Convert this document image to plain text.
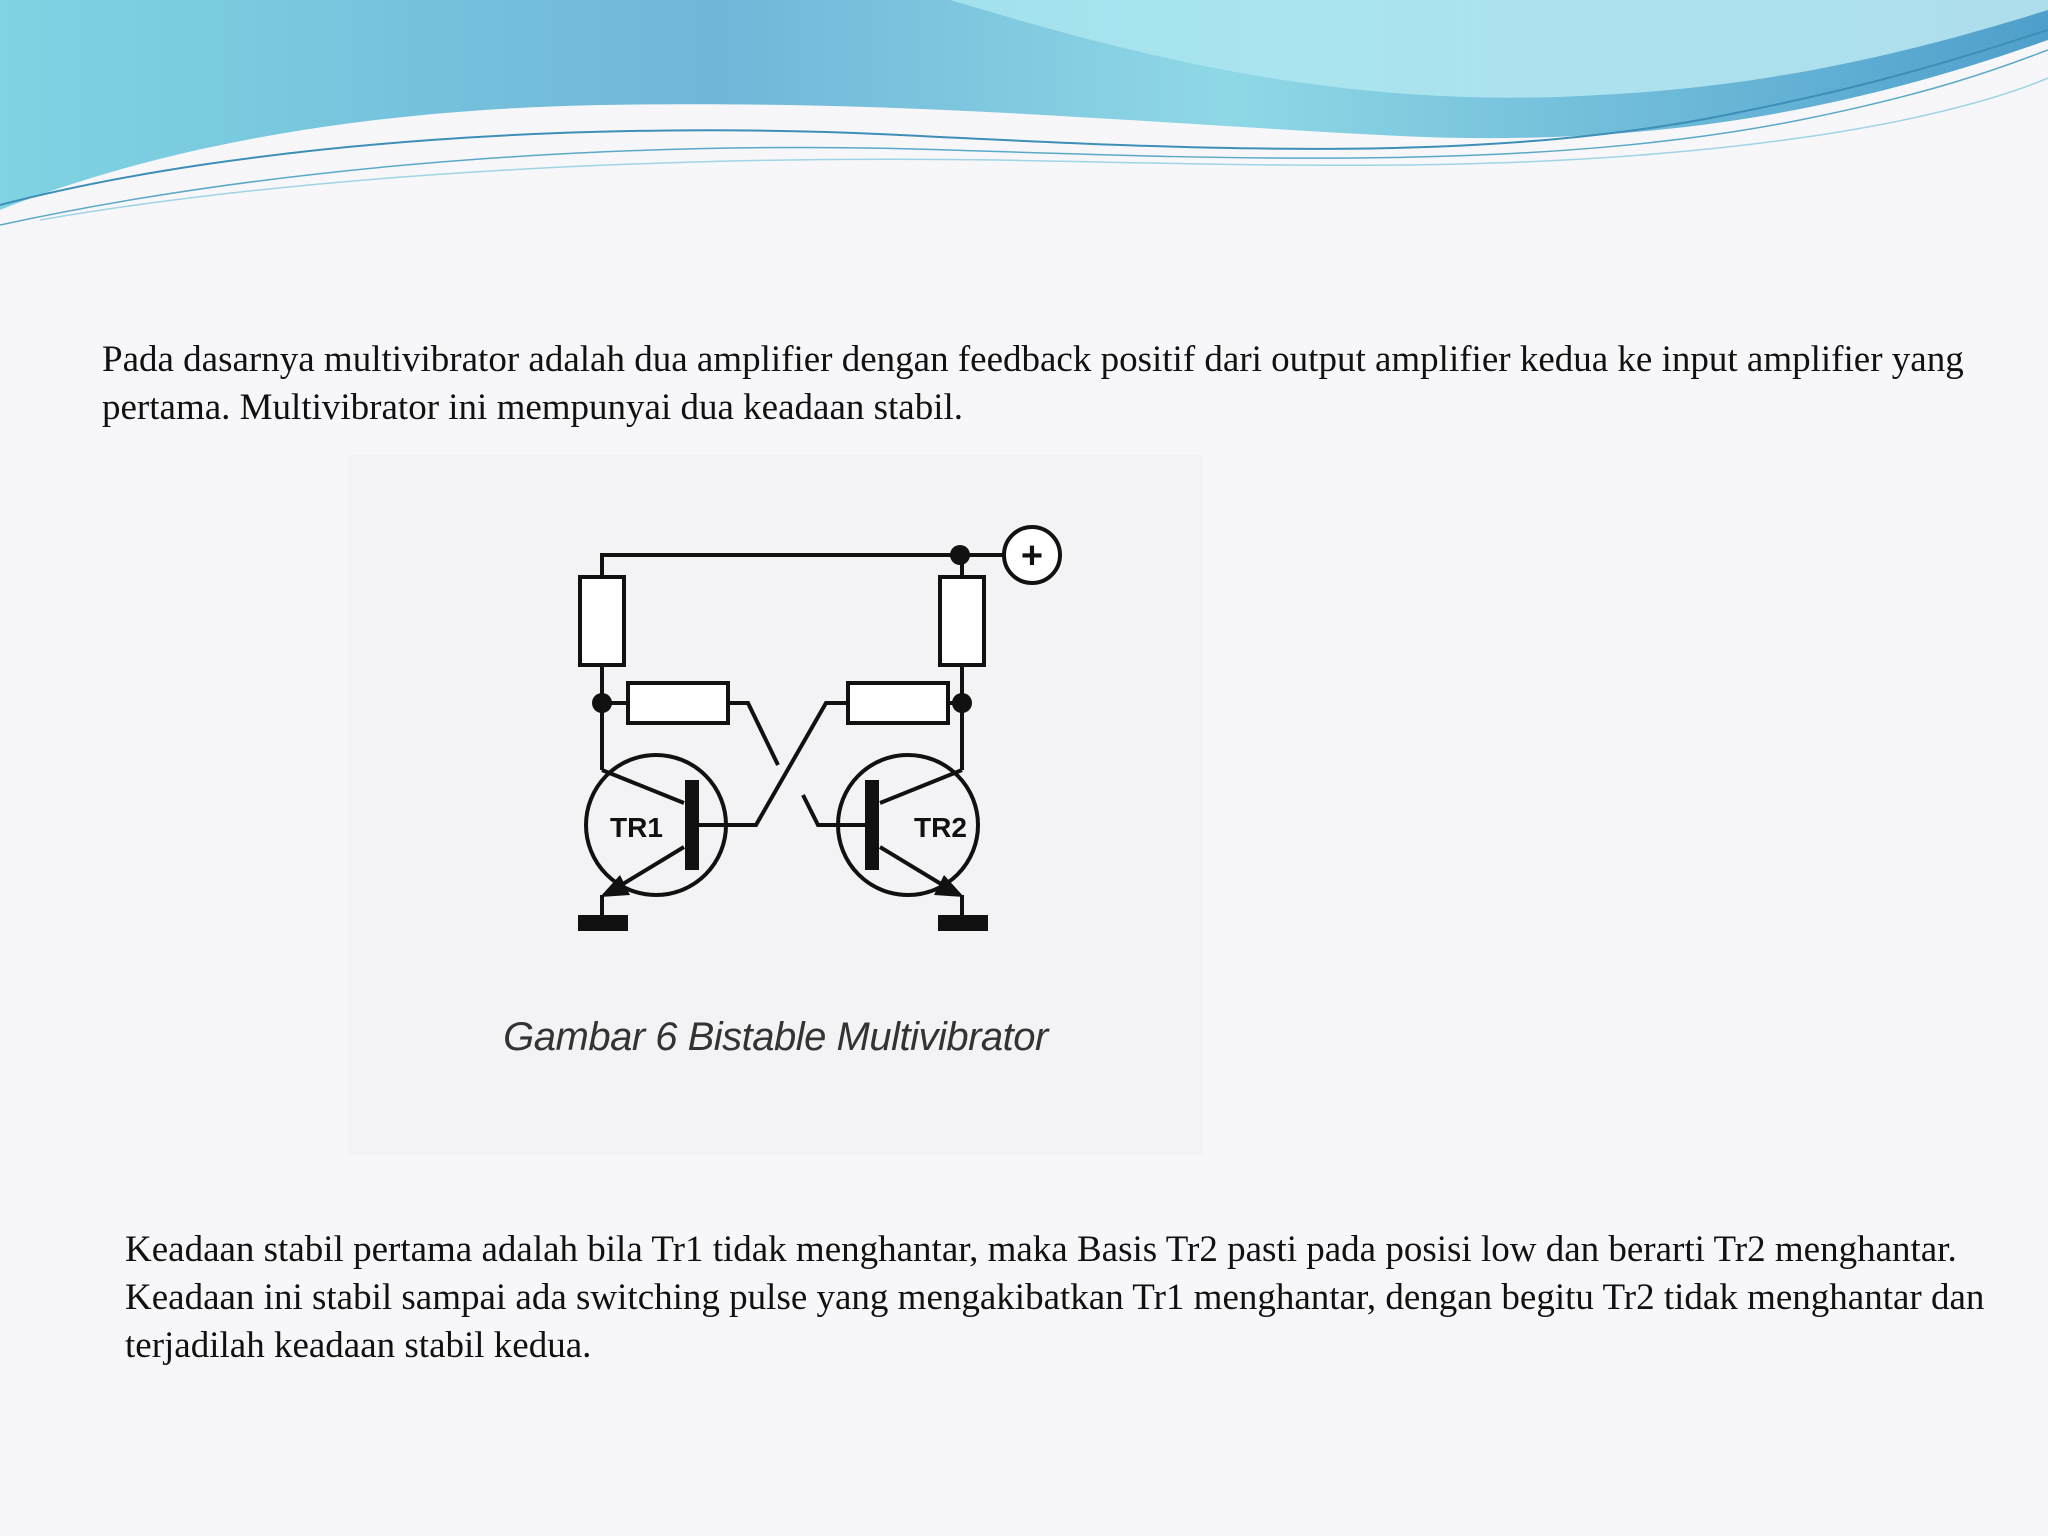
Pada dasarnya multivibrator adalah dua amplifier dengan feedback positif dari output amplifier kedua ke input amplifier yang pertama. Multivibrator ini mempunyai dua keadaan stabil.

+
TR1	TR2
Gambar 6 Bistable Multivibrator

Keadaan stabil pertama adalah bila Tr1 tidak menghantar, maka Basis Tr2 pasti pada posisi low dan berarti Tr2 menghantar. Keadaan ini stabil sampai ada switching pulse yang mengakibatkan Tr1 menghantar, dengan begitu Tr2 tidak menghantar dan terjadilah keadaan stabil kedua.
